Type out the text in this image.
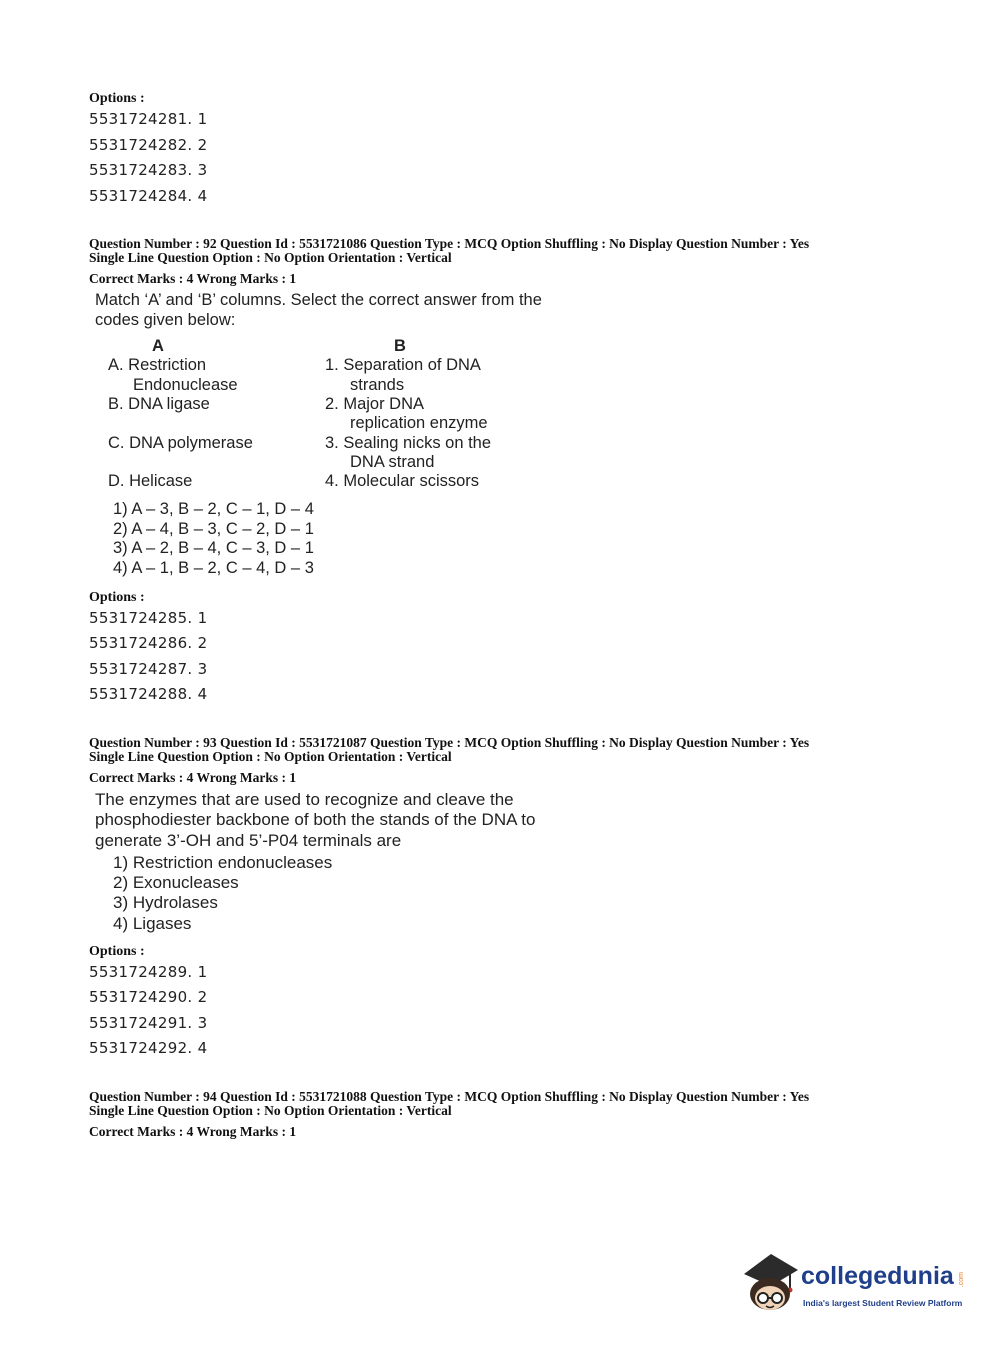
Options :
5531724281. 1
5531724282. 2
5531724283. 3
5531724284. 4
Question Number : 92 Question Id : 5531721086 Question Type : MCQ Option Shuffling : No Display Question Number : Yes
Single Line Question Option : No Option Orientation : Vertical
Correct Marks : 4 Wrong Marks : 1
Match ‘A’ and ‘B’ columns. Select the correct answer from the
codes given below:
A	B
A. Restriction
Endonuclease
B. DNA ligase
C. DNA polymerase
D. Helicase
1. Separation of DNA
strands
2. Major DNA
replication enzyme
3. Sealing nicks on the
DNA strand
4. Molecular scissors
1) A – 3, B – 2, C – 1, D – 4
2) A – 4, B – 3, C – 2, D – 1
3) A – 2, B – 4, C – 3, D – 1
4) A – 1, B – 2, C – 4, D – 3
Options :
5531724285. 1
5531724286. 2
5531724287. 3
5531724288. 4
Question Number : 93 Question Id : 5531721087 Question Type : MCQ Option Shuffling : No Display Question Number : Yes
Single Line Question Option : No Option Orientation : Vertical
Correct Marks : 4 Wrong Marks : 1
The enzymes that are used to recognize and cleave the
phosphodiester backbone of both the stands of the DNA to
generate 3’-OH and 5’-P04 terminals are
1) Restriction endonucleases
2) Exonucleases
3) Hydrolases
4) Ligases
Options :
5531724289. 1
5531724290. 2
5531724291. 3
5531724292. 4
Question Number : 94 Question Id : 5531721088 Question Type : MCQ Option Shuffling : No Display Question Number : Yes
Single Line Question Option : No Option Orientation : Vertical
Correct Marks : 4 Wrong Marks : 1
collegedunia .com
India's largest Student Review Platform
